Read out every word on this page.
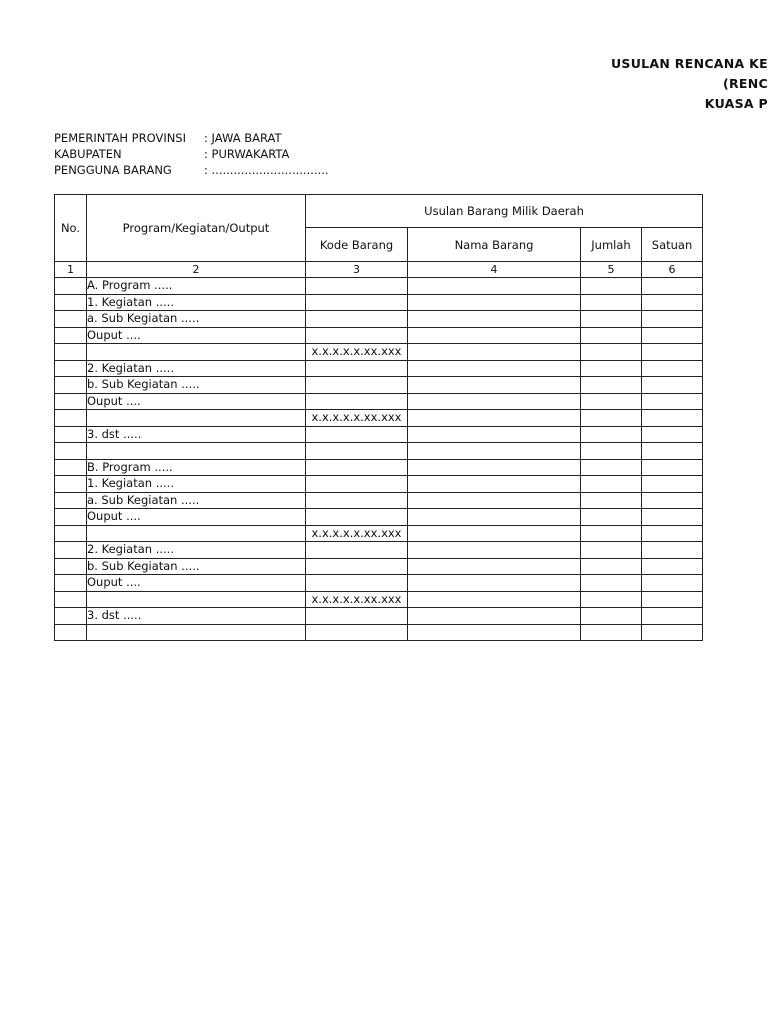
USULAN RENCANA KE
(RENC
KUASA P
PEMERINTAH PROVINSI	: JAWA BARAT
KABUPATEN	: PURWAKARTA
PENGGUNA BARANG	: ................................
No.	Program/Kegiatan/Output	Usulan Barang Milik Daerah			
		Kode Barang	Nama Barang	Jumlah	Satuan
1	2	3	4	5	6
	A. Program .....				
	1. Kegiatan .....				
	a. Sub Kegiatan .....				
	Ouput ....				
		x.x.x.x.x.xx.xxx			
	2. Kegiatan .....				
	b. Sub Kegiatan .....				
	Ouput ....				
		x.x.x.x.x.xx.xxx			
	3. dst .....				

	B. Program .....				
	1. Kegiatan .....				
	a. Sub Kegiatan .....				
	Ouput ....				
		x.x.x.x.x.xx.xxx			
	2. Kegiatan .....				
	b. Sub Kegiatan .....				
	Ouput ....				
		x.x.x.x.x.xx.xxx			
	3. dst .....				
